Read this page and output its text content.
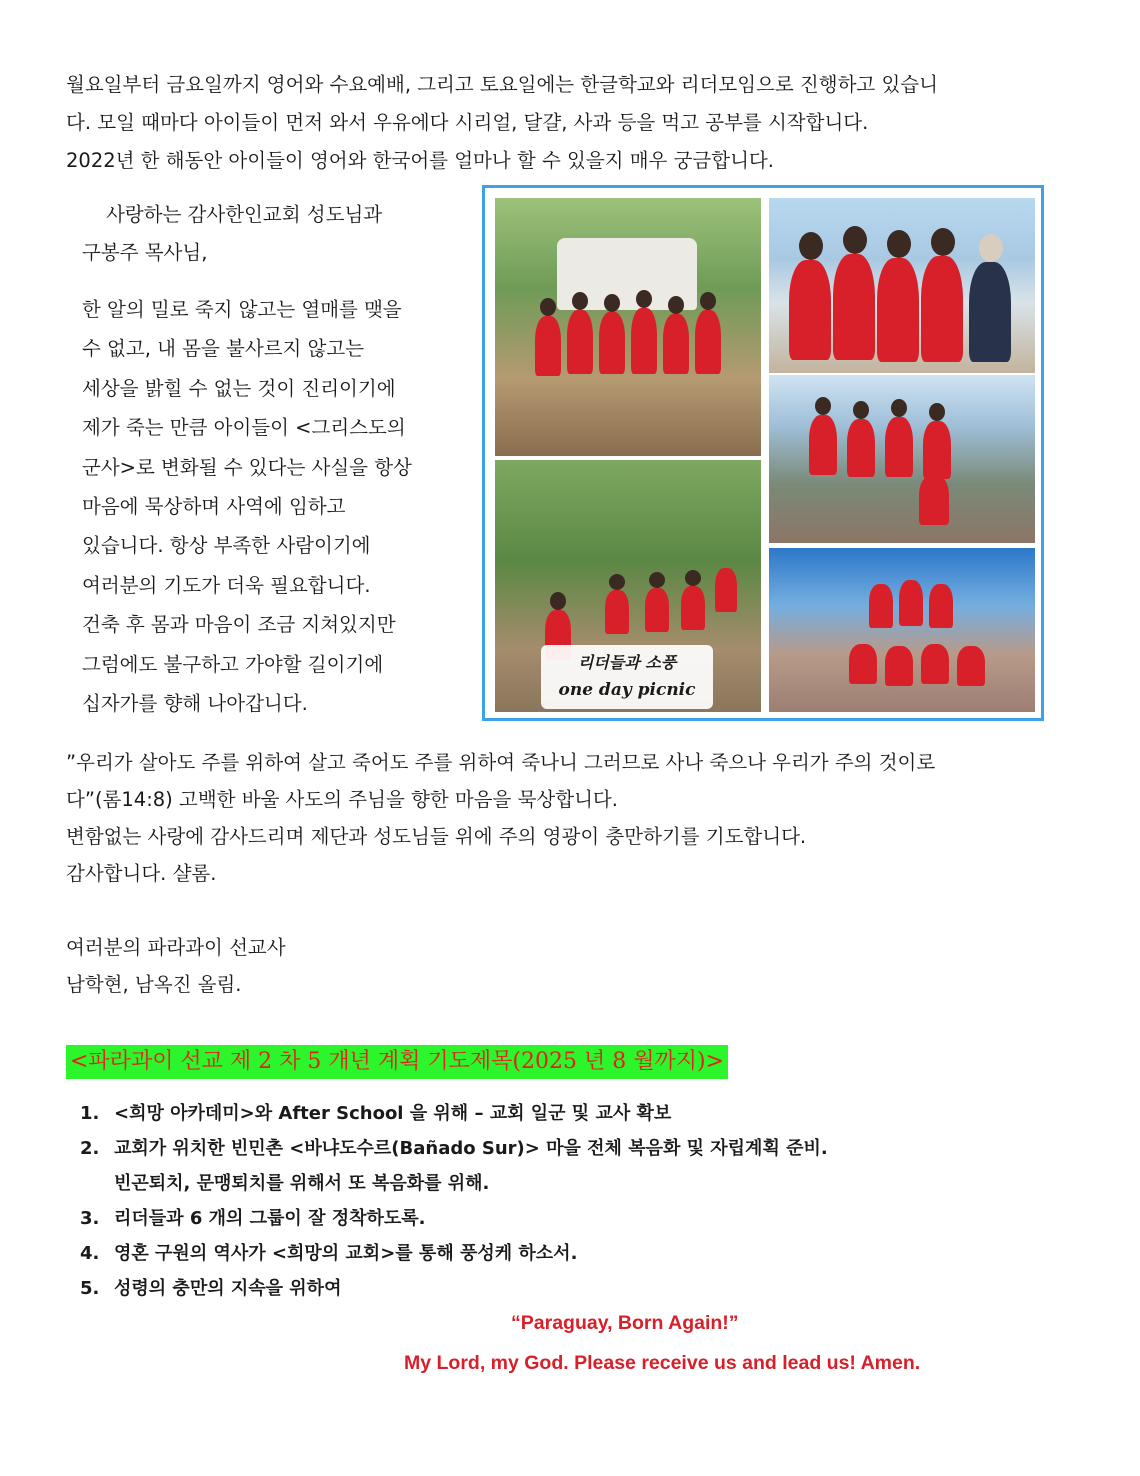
월요일부터 금요일까지 영어와 수요예배, 그리고 토요일에는 한글학교와 리더모임으로 진행하고 있습니

다. 모일 때마다 아이들이 먼저 와서 우유에다 시리얼, 달걀, 사과 등을 먹고 공부를 시작합니다.

2022년 한 해동안 아이들이 영어와 한국어를 얼마나 할 수 있을지 매우 궁금합니다.

사랑하는 감사한인교회 성도님과

구봉주 목사님,

한 알의 밀로 죽지 않고는 열매를 맺을

수 없고, 내 몸을 불사르지 않고는

세상을 밝힐 수 없는 것이 진리이기에

제가 죽는 만큼 아이들이 <그리스도의

군사>로 변화될 수 있다는 사실을 항상

마음에 묵상하며 사역에 임하고

있습니다. 항상 부족한 사람이기에

여러분의 기도가 더욱 필요합니다.

건축 후 몸과 마음이 조금 지쳐있지만

그럼에도 불구하고 가야할 길이기에

십자가를 향해 나아갑니다.

리더들과 소풍
one day picnic

”우리가 살아도 주를 위하여 살고 죽어도 주를 위하여 죽나니 그러므로 사나 죽으나 우리가 주의 것이로

다”(롬14:8) 고백한 바울 사도의 주님을 향한 마음을 묵상합니다.

변함없는 사랑에 감사드리며 제단과 성도님들 위에 주의 영광이 충만하기를 기도합니다.

감사합니다. 샬롬.

여러분의 파라과이 선교사

남학현, 남옥진 올림.

<파라과이 선교 제 2 차 5 개년 계획 기도제목(2025 년 8 월까지)>
1. <희망 아카데미>와 After School 을 위해 – 교회 일군 및 교사 확보
2. 교회가 위치한 빈민촌 <바냐도수르(Bañado Sur)> 마을 전체 복음화 및 자립계획 준비.
빈곤퇴치, 문맹퇴치를 위해서 또 복음화를 위해.
3. 리더들과 6 개의 그룹이 잘 정착하도록.
4. 영혼 구원의 역사가 <희망의 교회>를 통해 풍성케 하소서.
5. 성령의 충만의 지속을 위하여
“Paraguay, Born Again!”
My Lord, my God. Please receive us and lead us! Amen.
